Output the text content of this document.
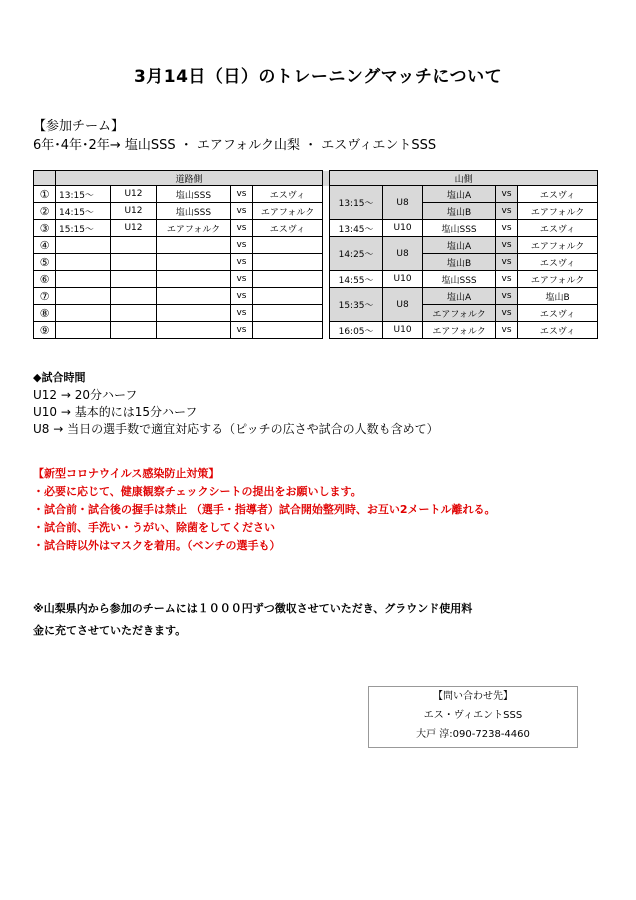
3月14日（日）のトレーニングマッチについて
【参加チーム】
6年･4年･2年→ 塩山SSS ・ エアフォルク山梨 ・ エスヴィエントSSS
	道路側						山側				
①	13:15～	U12	塩山SSS	vs	エスヴィ		13:15～	U8	塩山A	vs	エスヴィ
②	14:15～	U12	塩山SSS	vs	エアフォルク				塩山B	vs	エアフォルク
③	15:15～	U12	エアフォルク	vs	エスヴィ		13:45～	U10	塩山SSS	vs	エスヴィ
④				vs			14:25～	U8	塩山A	vs	エアフォルク
⑤				vs					塩山B	vs	エスヴィ
⑥				vs			14:55～	U10	塩山SSS	vs	エアフォルク
⑦				vs			15:35～	U8	塩山A	vs	塩山B
⑧				vs					エアフォルク	vs	エスヴィ
⑨				vs			16:05～	U10	エアフォルク	vs	エスヴィ
◆試合時間
U12 → 20分ハーフ
U10 → 基本的には15分ハーフ
U8 → 当日の選手数で適宜対応する（ピッチの広さや試合の人数も含めて）
【新型コロナウイルス感染防止対策】
・必要に応じて、健康観察チェックシートの提出をお願いします。
・試合前・試合後の握手は禁止 （選手・指導者）試合開始整列時、お互い2メートル離れる。
・試合前、手洗い・うがい、除菌をしてください
・試合時以外はマスクを着用。（ベンチの選手も）
※山梨県内から参加のチームには１０００円ずつ徴収させていただき、グラウンド使用料
金に充てさせていただきます。
【問い合わせ先】
エス・ヴィエントSSS
大戸 淳:090-7238-4460
